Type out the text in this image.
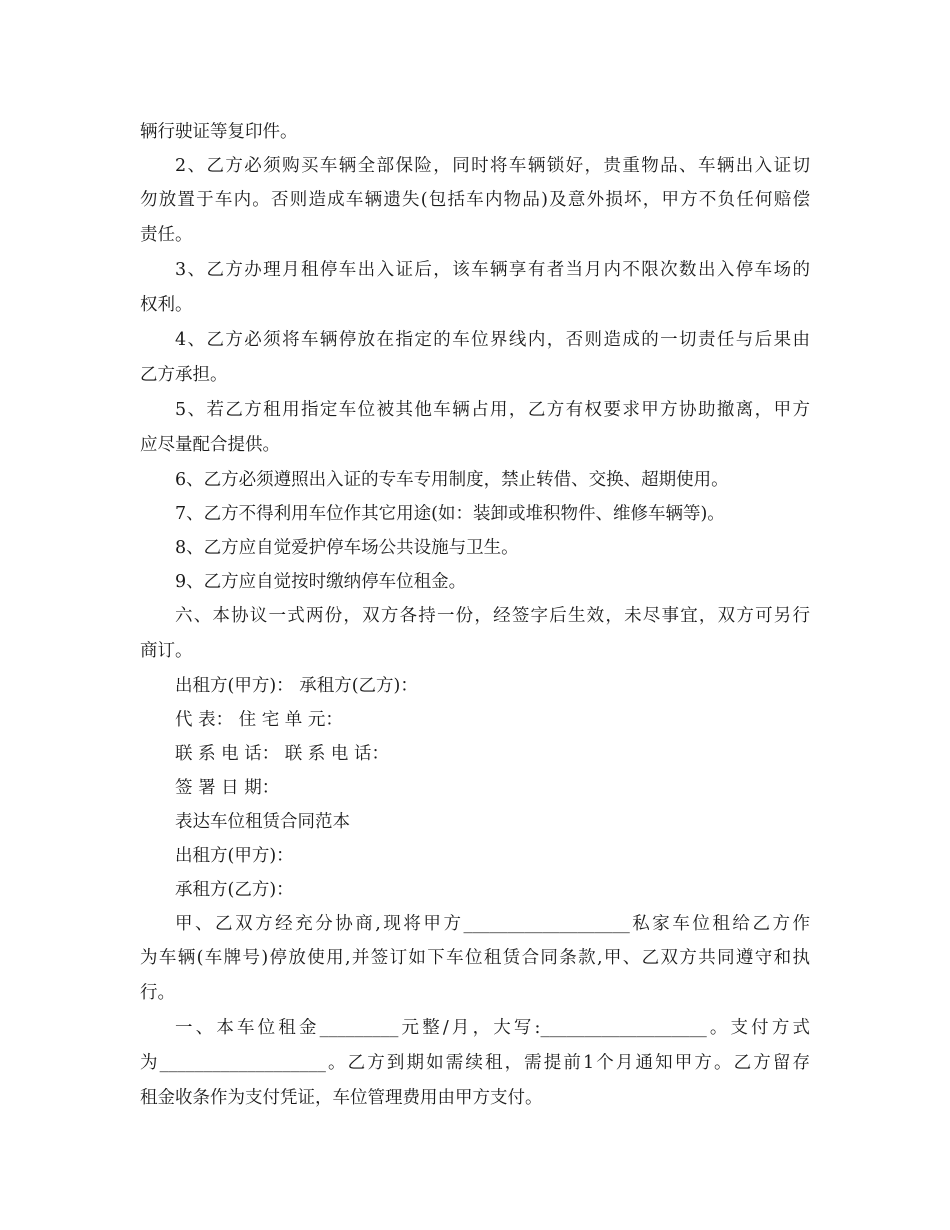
辆行驶证等复印件。
2、乙方必须购买车辆全部保险，同时将车辆锁好，贵重物品、车辆出入证切
勿放置于车内。否则造成车辆遗失(包括车内物品)及意外损坏，甲方不负任何赔偿
责任。
3、乙方办理月租停车出入证后，该车辆享有者当月内不限次数出入停车场的
权利。
4、乙方必须将车辆停放在指定的车位界线内，否则造成的一切责任与后果由
乙方承担。
5、若乙方租用指定车位被其他车辆占用，乙方有权要求甲方协助撤离，甲方
应尽量配合提供。
6、乙方必须遵照出入证的专车专用制度，禁止转借、交换、超期使用。
7、乙方不得利用车位作其它用途(如：装卸或堆积物件、维修车辆等)。
8、乙方应自觉爱护停车场公共设施与卫生。
9、乙方应自觉按时缴纳停车位租金。
六、本协议一式两份，双方各持一份，经签字后生效，未尽事宜，双方可另行
商订。
出租方(甲方)： 承租方(乙方)：
代 表： 住 宅 单 元：
联 系 电 话： 联 系 电 话：
签 署 日 期：
表达车位租赁合同范本
出租方(甲方)：
承租方(乙方)：
甲、乙双方经充分协商,现将甲方___________________私家车位租给乙方作
为车辆(车牌号)停放使用,并签订如下车位租赁合同条款,甲、乙双方共同遵守和执
行。
一、本车位租金_________元整/月，大写:___________________。支付方式
为___________________。乙方到期如需续租，需提前1个月通知甲方。乙方留存
租金收条作为支付凭证，车位管理费用由甲方支付。
